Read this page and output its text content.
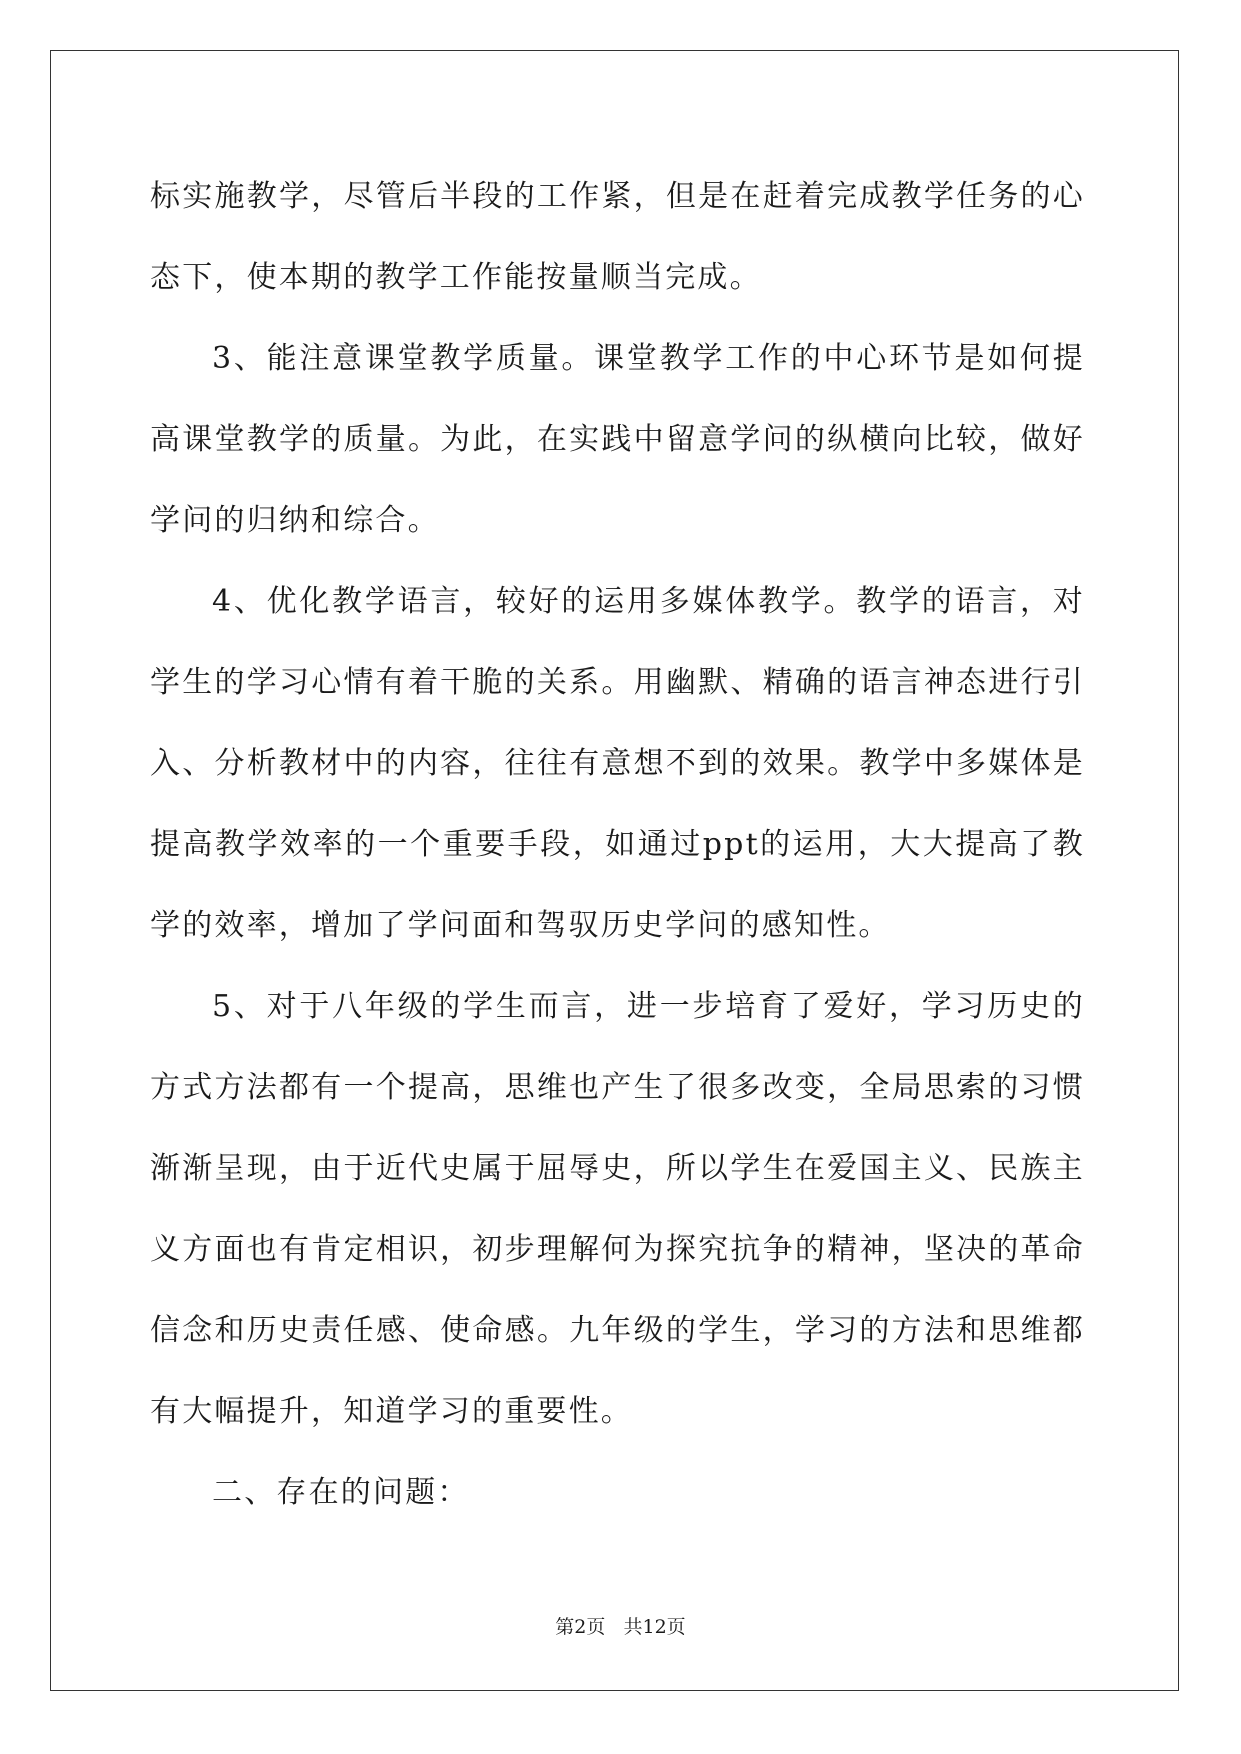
标实施教学，尽管后半段的工作紧，但是在赶着完成教学任务的心态下，使本期的教学工作能按量顺当完成。

3、能注意课堂教学质量。课堂教学工作的中心环节是如何提高课堂教学的质量。为此，在实践中留意学问的纵横向比较，做好学问的归纳和综合。

4、优化教学语言，较好的运用多媒体教学。教学的语言，对学生的学习心情有着干脆的关系。用幽默、精确的语言神态进行引入、分析教材中的内容，往往有意想不到的效果。教学中多媒体是提高教学效率的一个重要手段，如通过ppt的运用，大大提高了教学的效率，增加了学问面和驾驭历史学问的感知性。

5、对于八年级的学生而言，进一步培育了爱好，学习历史的方式方法都有一个提高，思维也产生了很多改变，全局思索的习惯渐渐呈现，由于近代史属于屈辱史，所以学生在爱国主义、民族主义方面也有肯定相识，初步理解何为探究抗争的精神，坚决的革命信念和历史责任感、使命感。九年级的学生，学习的方法和思维都有大幅提升，知道学习的重要性。

二、存在的问题：

第2页   共12页
